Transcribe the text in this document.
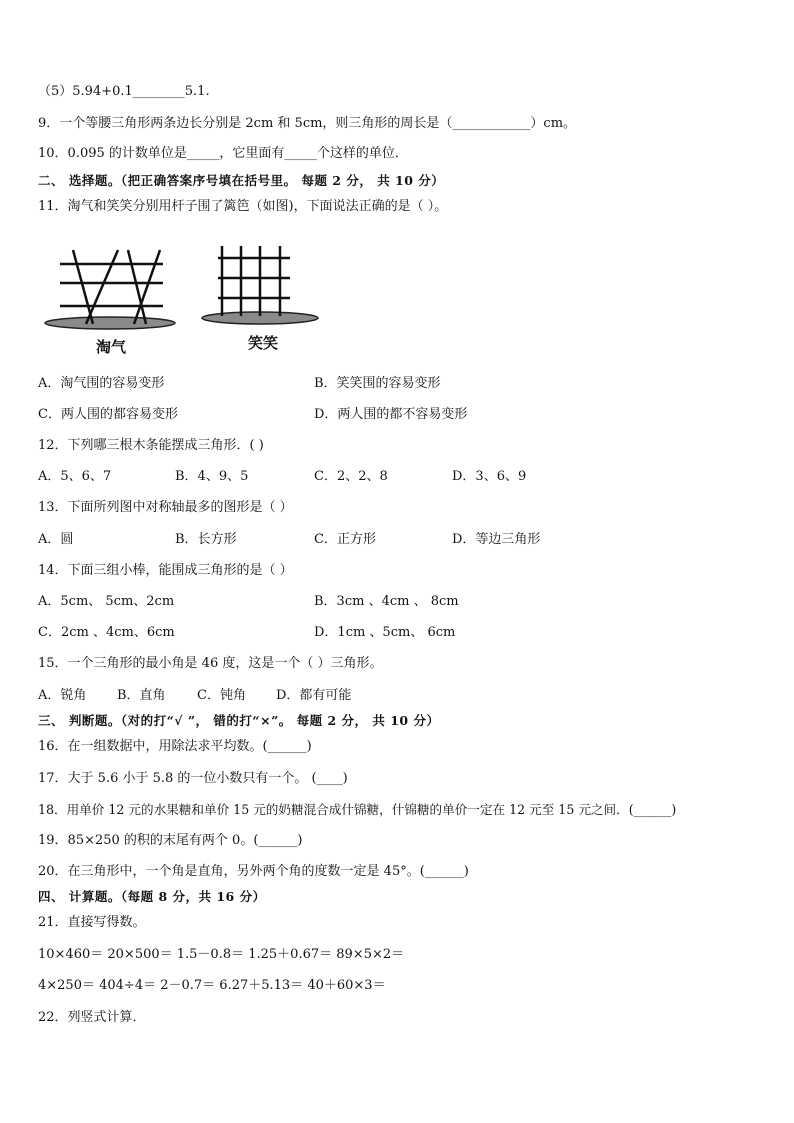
（5）5.94+0.1________5.1.
9．一个等腰三角形两条边长分别是 2cm 和 5cm，则三角形的周长是（____________）cm。
10．0.095 的计数单位是_____，它里面有_____个这样的单位．
二、 选择题。（把正确答案序号填在括号里。 每题 2 分， 共 10 分）
11．淘气和笑笑分别用杆子围了篱笆（如图)，下面说法正确的是（ ）。
淘气	笑笑
A．淘气围的容易变形	B．笑笑围的容易变形
C．两人围的都容易变形	D．两人围的都不容易变形
12．下列哪三根木条能摆成三角形．( )
A．5、6、7	B．4、9、5	C．2、2、8	D．3、6、9
13．下面所列图中对称轴最多的图形是（ ）
A．圆	B．长方形	C．正方形	D．等边三角形
14．下面三组小棒，能围成三角形的是（ ）
A．5cm、 5cm、2cm	B．3cm 、4cm 、 8cm
C．2cm 、4cm、6cm	D．1cm 、5cm、 6cm
15．一个三角形的最小角是 46 度，这是一个（ ）三角形。
A．锐角 B．直角 C．钝角 D．都有可能
三、 判断题。（对的打“√ ”， 错的打“×”。 每题 2 分， 共 10 分）
16．在一组数据中，用除法求平均数。(______)
17．大于 5.6 小于 5.8 的一位小数只有一个。 (____)
18．用单价 12 元的水果糖和单价 15 元的奶糖混合成什锦糖，什锦糖的单价一定在 12 元至 15 元之间．(______)
19．85×250 的积的末尾有两个 0。(______)
20．在三角形中，一个角是直角，另外两个角的度数一定是 45°。(______)
四、 计算题。（每题 8 分，共 16 分）
21．直接写得数。
10×460＝ 20×500＝ 1.5－0.8＝ 1.25＋0.67＝ 89×5×2＝
4×250＝ 404÷4＝ 2－0.7＝ 6.27＋5.13＝ 40＋60×3＝
22．列竖式计算．
